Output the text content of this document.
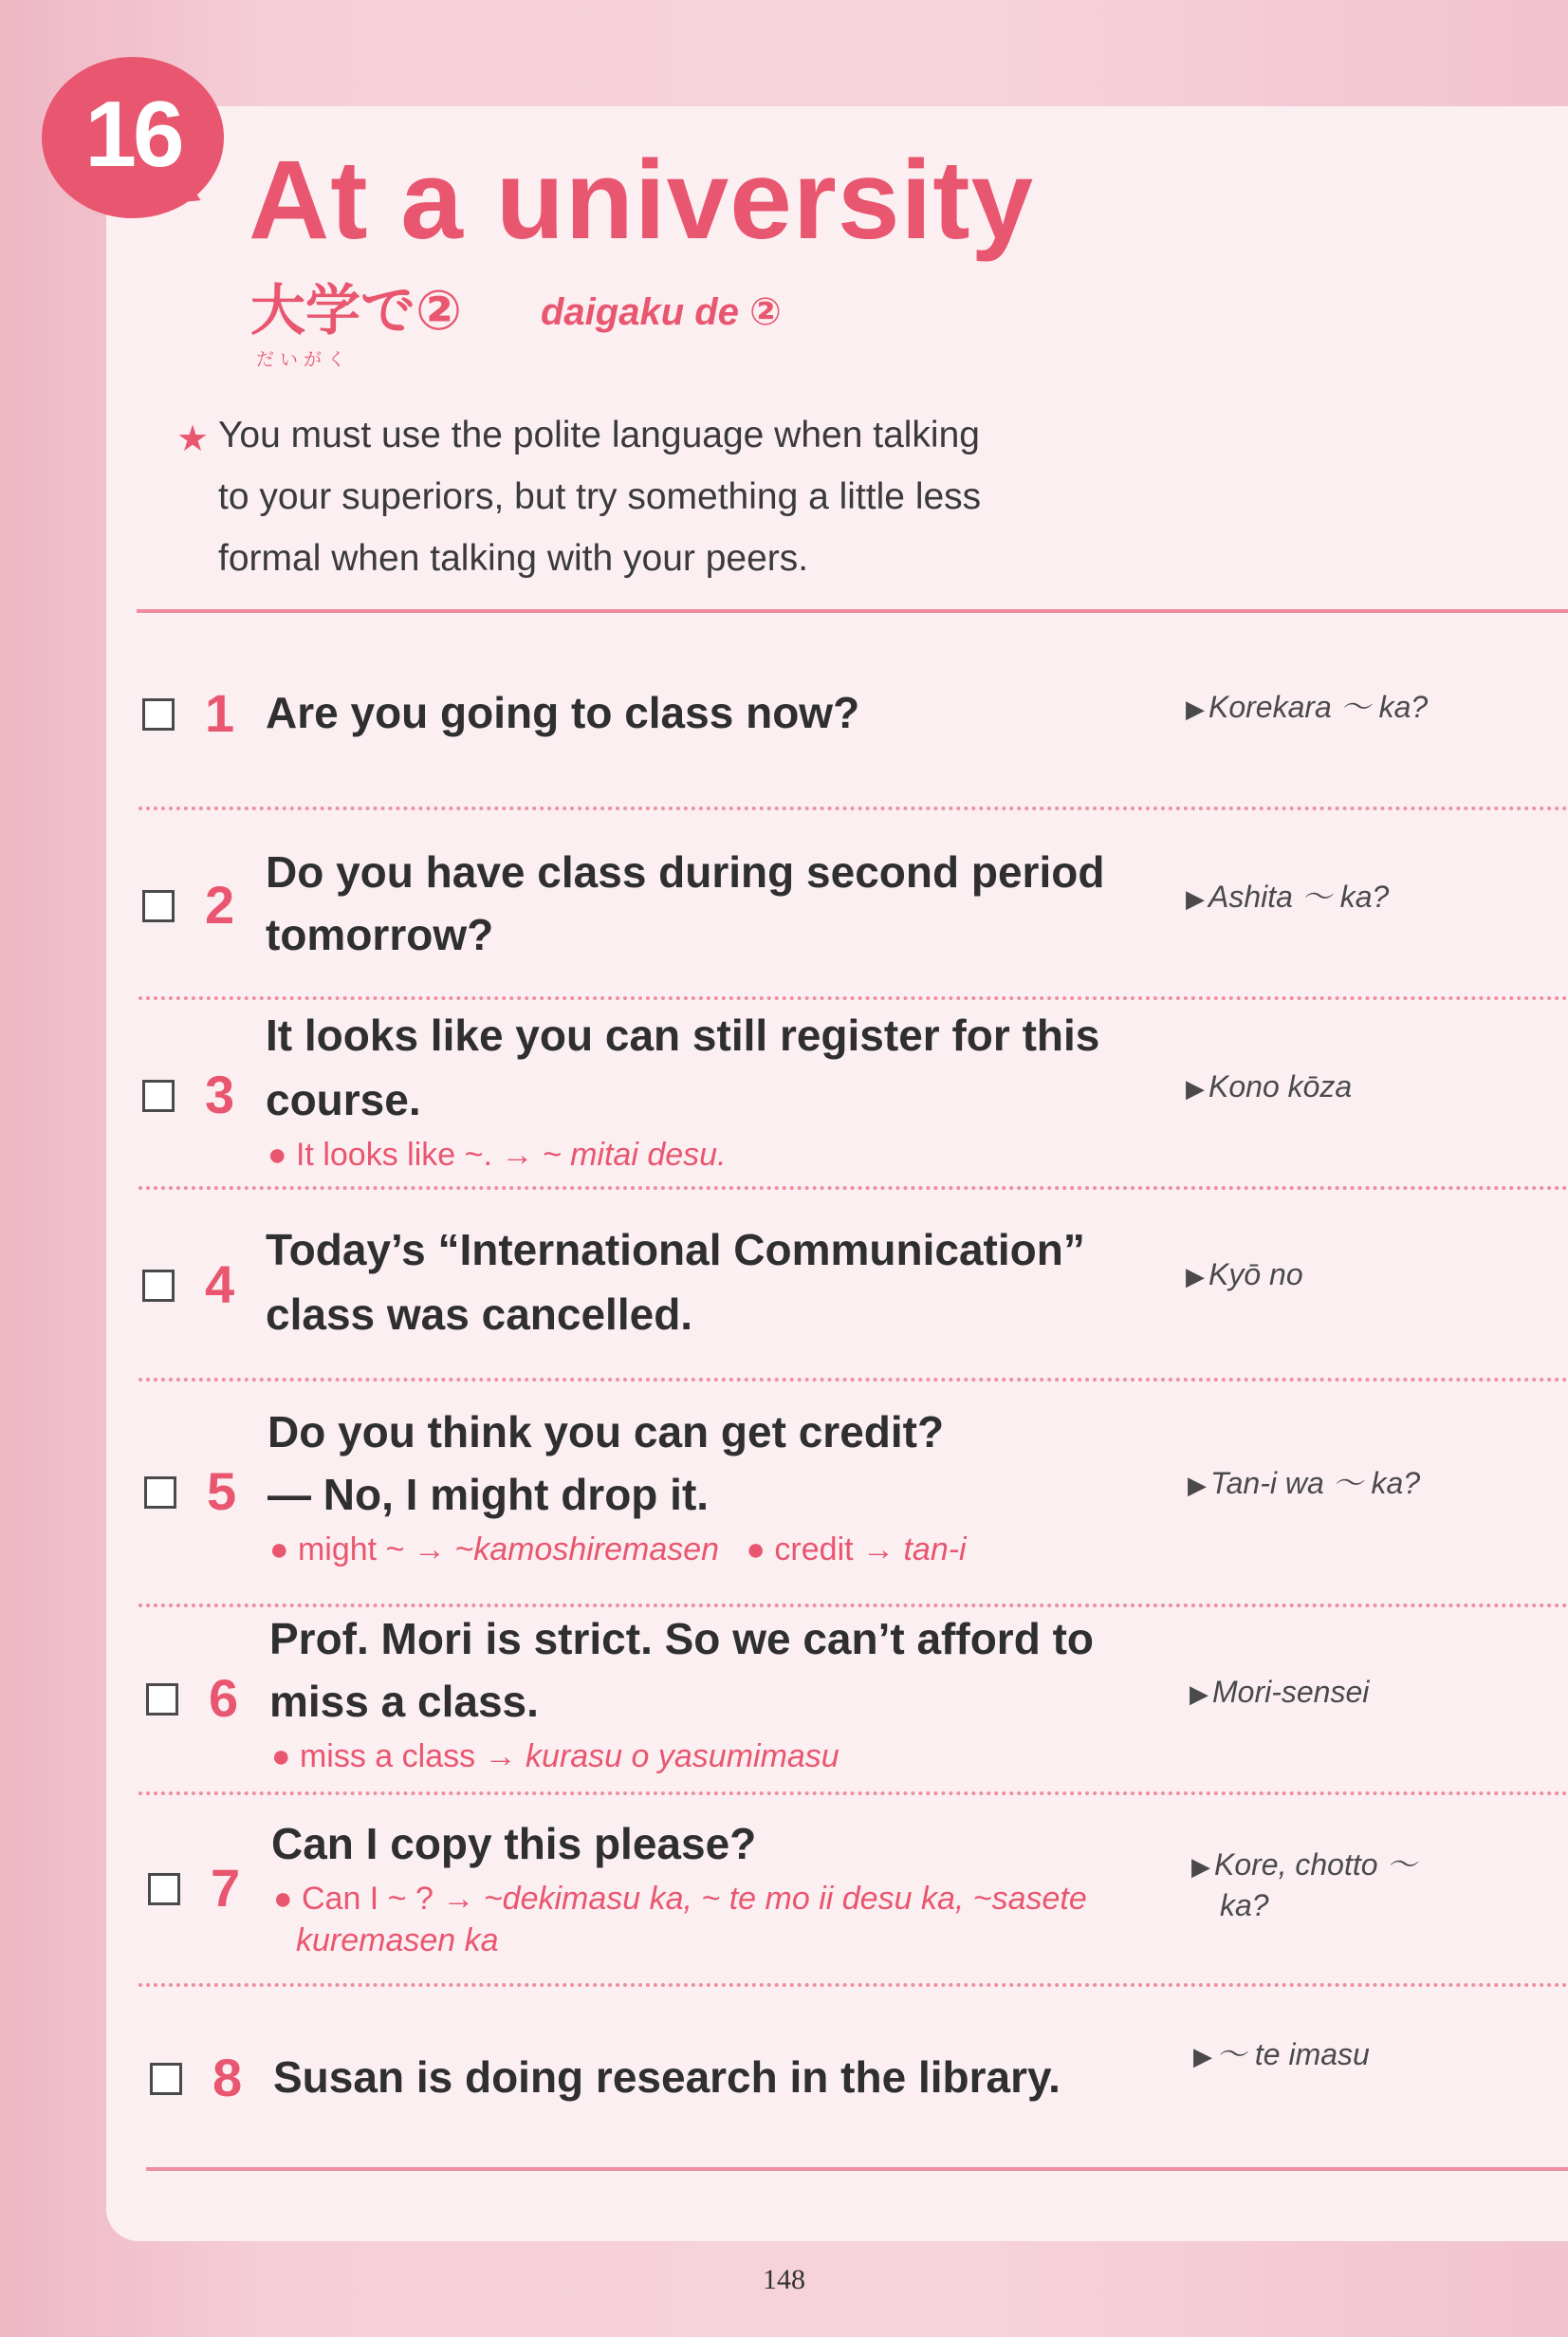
16
At a university
大学で②
だいがく
daigaku de ②
★ You must use the polite language when talking

to your superiors, but try something a little less

formal when talking with your peers.

1 Are you going to class now?	▶ Korekara ～ ka?
2
Do you have class during second period
tomorrow?
▶ Ashita ～ ka?
3
It looks like you can still register for this
course.
● It looks like ~. → ~ mitai desu.
▶ Kono kōza
4
Today’s “International Communication”
class was cancelled.
▶ Kyō no
5
Do you think you can get credit?
— No, I might drop it.
● might ~ → ~kamoshiremasen   ● credit → tan-i
▶ Tan-i wa ～ ka?
6
Prof. Mori is strict. So we can’t afford to
miss a class.
● miss a class → kurasu o yasumimasu
▶ Mori-sensei
7
Can I copy this please?
● Can I ~ ? → ~dekimasu ka, ~ te mo ii desu ka, ~sasete
kuremasen ka
▶ Kore, chotto ～
ka?
8 Susan is doing research in the library.	▶ ～ te imasu
148
